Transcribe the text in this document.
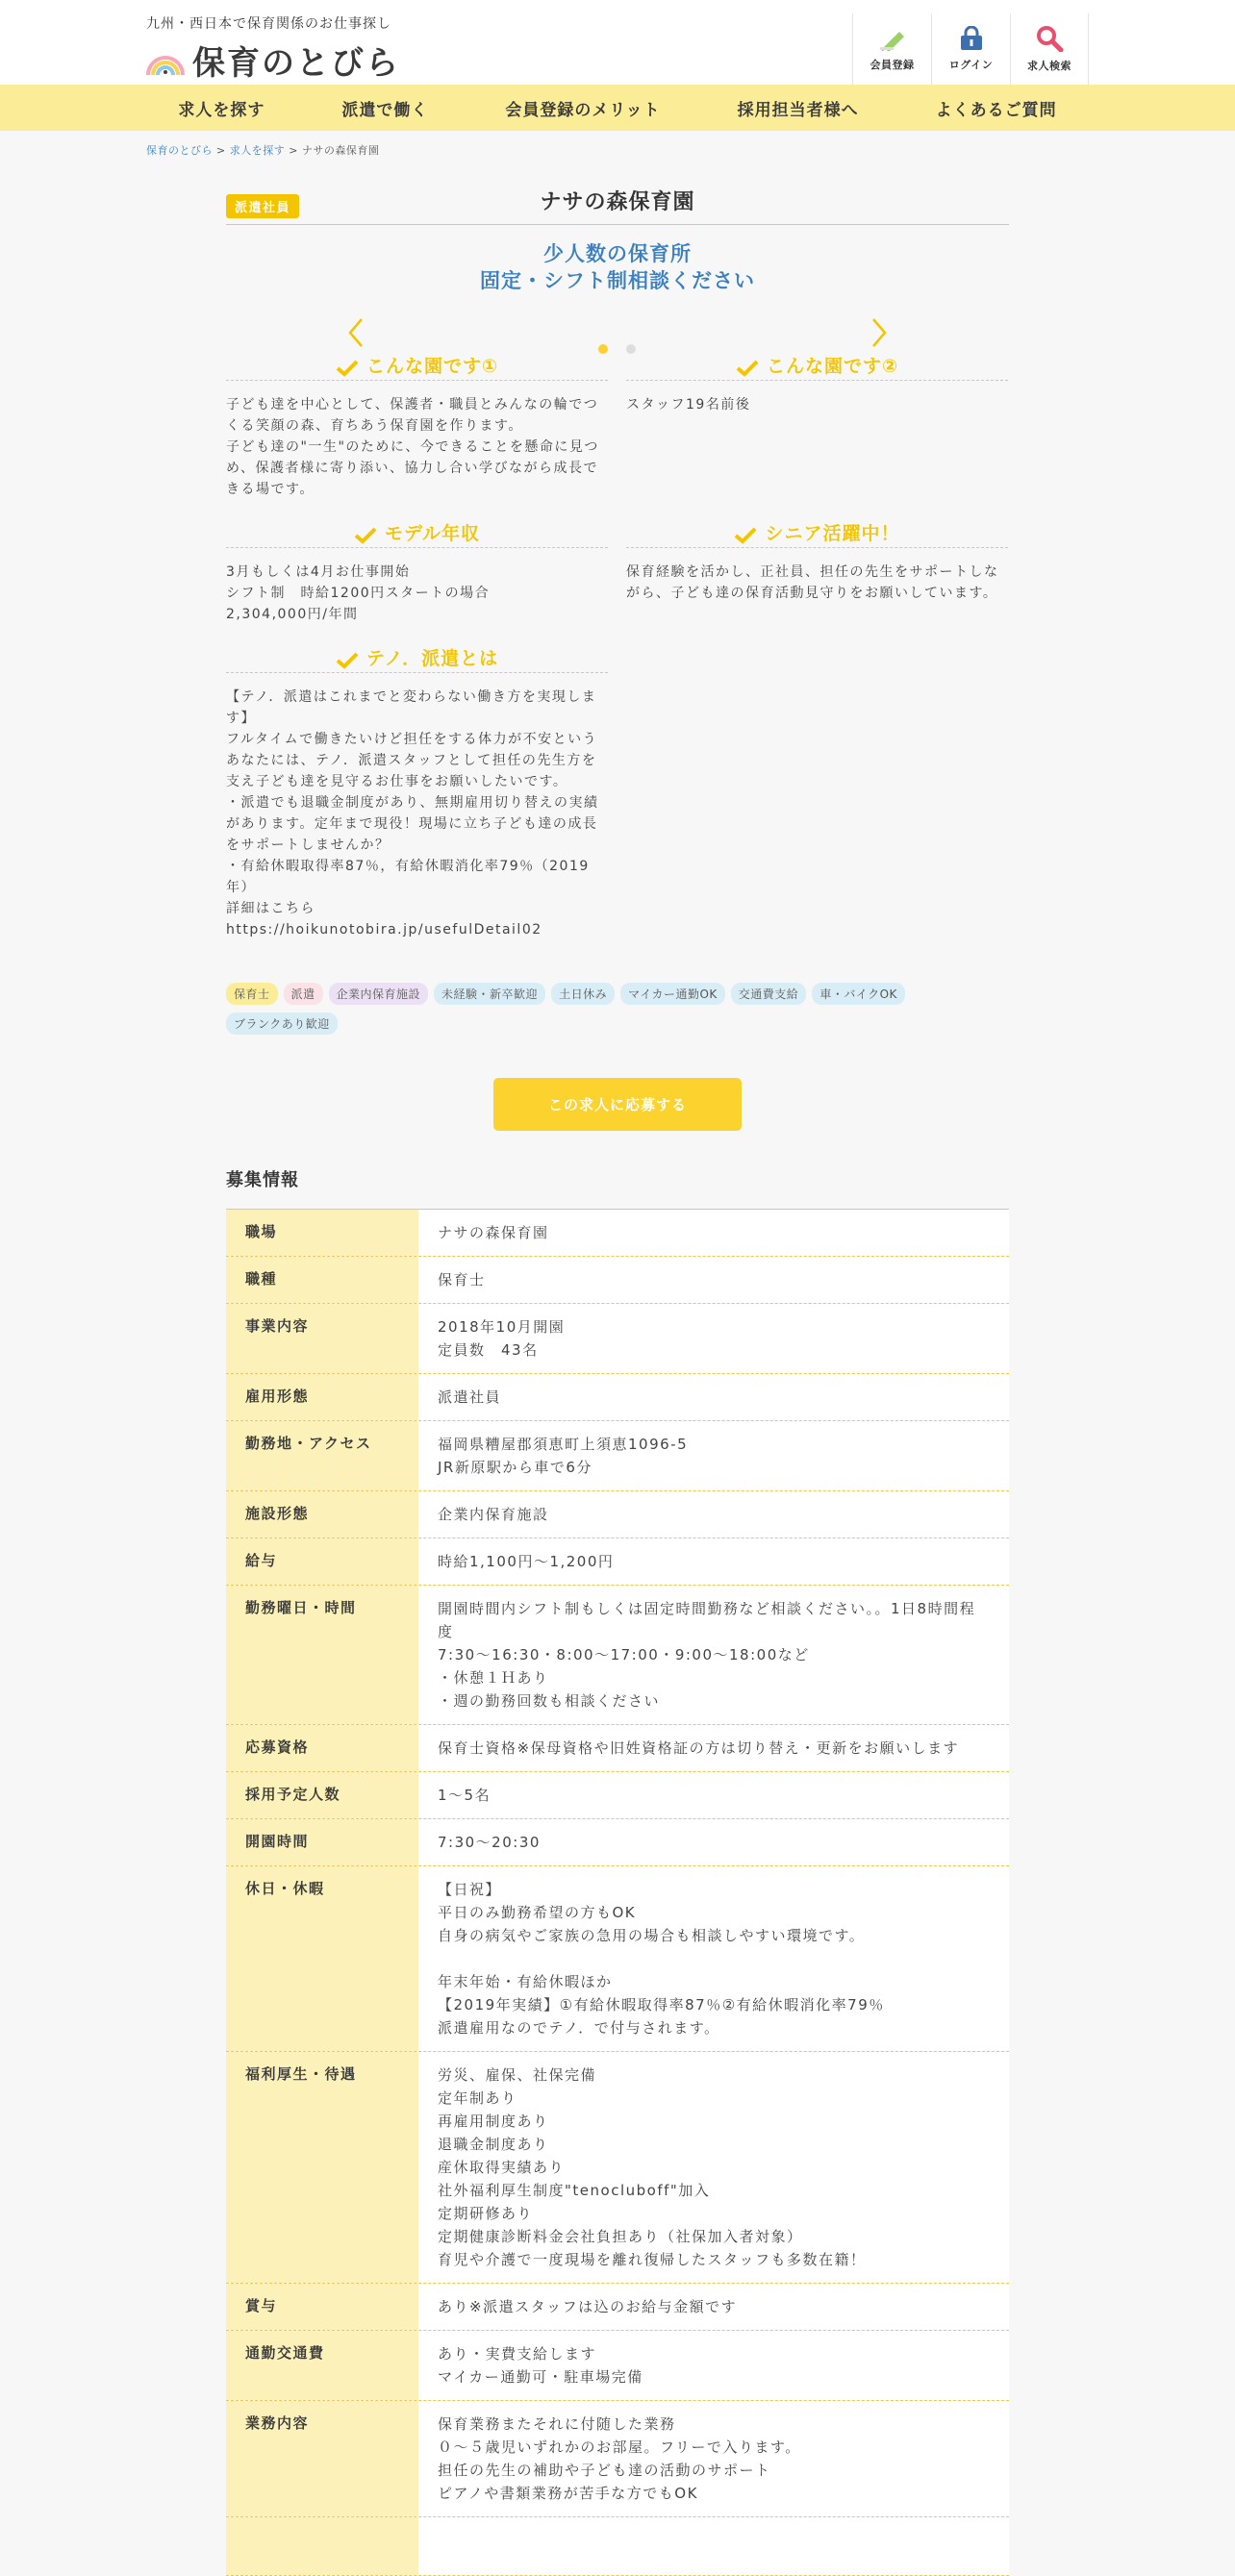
九州・西日本で保育関係のお仕事探し
保育のとびら	会員登録	ログイン	求人検索
求人を探す	派遣で働く	会員登録のメリット	採用担当者様へ	よくあるご質問
保育のとびら > 求人を探す > ナサの森保育園
派遣社員	ナサの森保育園
少人数の保育所
固定・シフト制相談ください
こんな園です①
子ども達を中心として、保護者・職員とみんなの輪でつくる笑顔の森、育ちあう保育園を作ります。
子ども達の"一生"のために、今できることを懸命に見つめ、保護者様に寄り添い、協力し合い学びながら成長できる場です。
こんな園です②
スタッフ19名前後
モデル年収
3月もしくは4月お仕事開始
シフト制　時給1200円スタートの場合
2,304,000円/年間
シニア活躍中！
保育経験を活かし、正社員、担任の先生をサポートしながら、子ども達の保育活動見守りをお願いしています。
テノ．派遣とは
【テノ．派遣はこれまでと変わらない働き方を実現します】
フルタイムで働きたいけど担任をする体力が不安というあなたには、テノ．派遣スタッフとして担任の先生方を支え子ども達を見守るお仕事をお願いしたいです。
・派遣でも退職金制度があり、無期雇用切り替えの実績があります。定年まで現役！現場に立ち子ども達の成長をサポートしませんか？
・有給休暇取得率87％，有給休暇消化率79％（2019年）
詳細はこちら
https://hoikunotobira.jp/usefulDetail02
保育士	派遣	企業内保育施設	未経験・新卒歓迎	土日休み	マイカー通勤OK	交通費支給	車・バイクOK
ブランクあり歓迎
この求人に応募する
募集情報
職場	ナサの森保育園
職種	保育士
事業内容	2018年10月開園
定員数　43名
雇用形態	派遣社員
勤務地・アクセス	福岡県糟屋郡須恵町上須恵1096-5
JR新原駅から車で6分
施設形態	企業内保育施設
給与	時給1,100円～1,200円
勤務曜日・時間	開園時間内シフト制もしくは固定時間勤務など相談ください。。1日8時間程度
7:30～16:30・8:00～17:00・9:00～18:00など
・休憩１Ｈあり
・週の勤務回数も相談ください
応募資格	保育士資格※保母資格や旧姓資格証の方は切り替え・更新をお願いします
採用予定人数	1～5名
開園時間	7:30～20:30
休日・休暇	【日祝】
平日のみ勤務希望の方もOK
自身の病気やご家族の急用の場合も相談しやすい環境です。

年末年始・有給休暇ほか
【2019年実績】①有給休暇取得率87％②有給休暇消化率79％
派遣雇用なのでテノ．で付与されます。
福利厚生・待遇	労災、雇保、社保完備
定年制あり
再雇用制度あり
退職金制度あり
産休取得実績あり
社外福利厚生制度"tenocluboff"加入
定期研修あり
定期健康診断料金会社負担あり（社保加入者対象）
育児や介護で一度現場を離れ復帰したスタッフも多数在籍！
賞与	あり※派遣スタッフは込のお給与金額です
通勤交通費	あり・実費支給します
マイカー通勤可・駐車場完備
業務内容	保育業務またそれに付随した業務
０～５歳児いずれかのお部屋。フリーで入ります。
担任の先生の補助や子ども達の活動のサポート
ピアノや書類業務が苦手な方でもOK
